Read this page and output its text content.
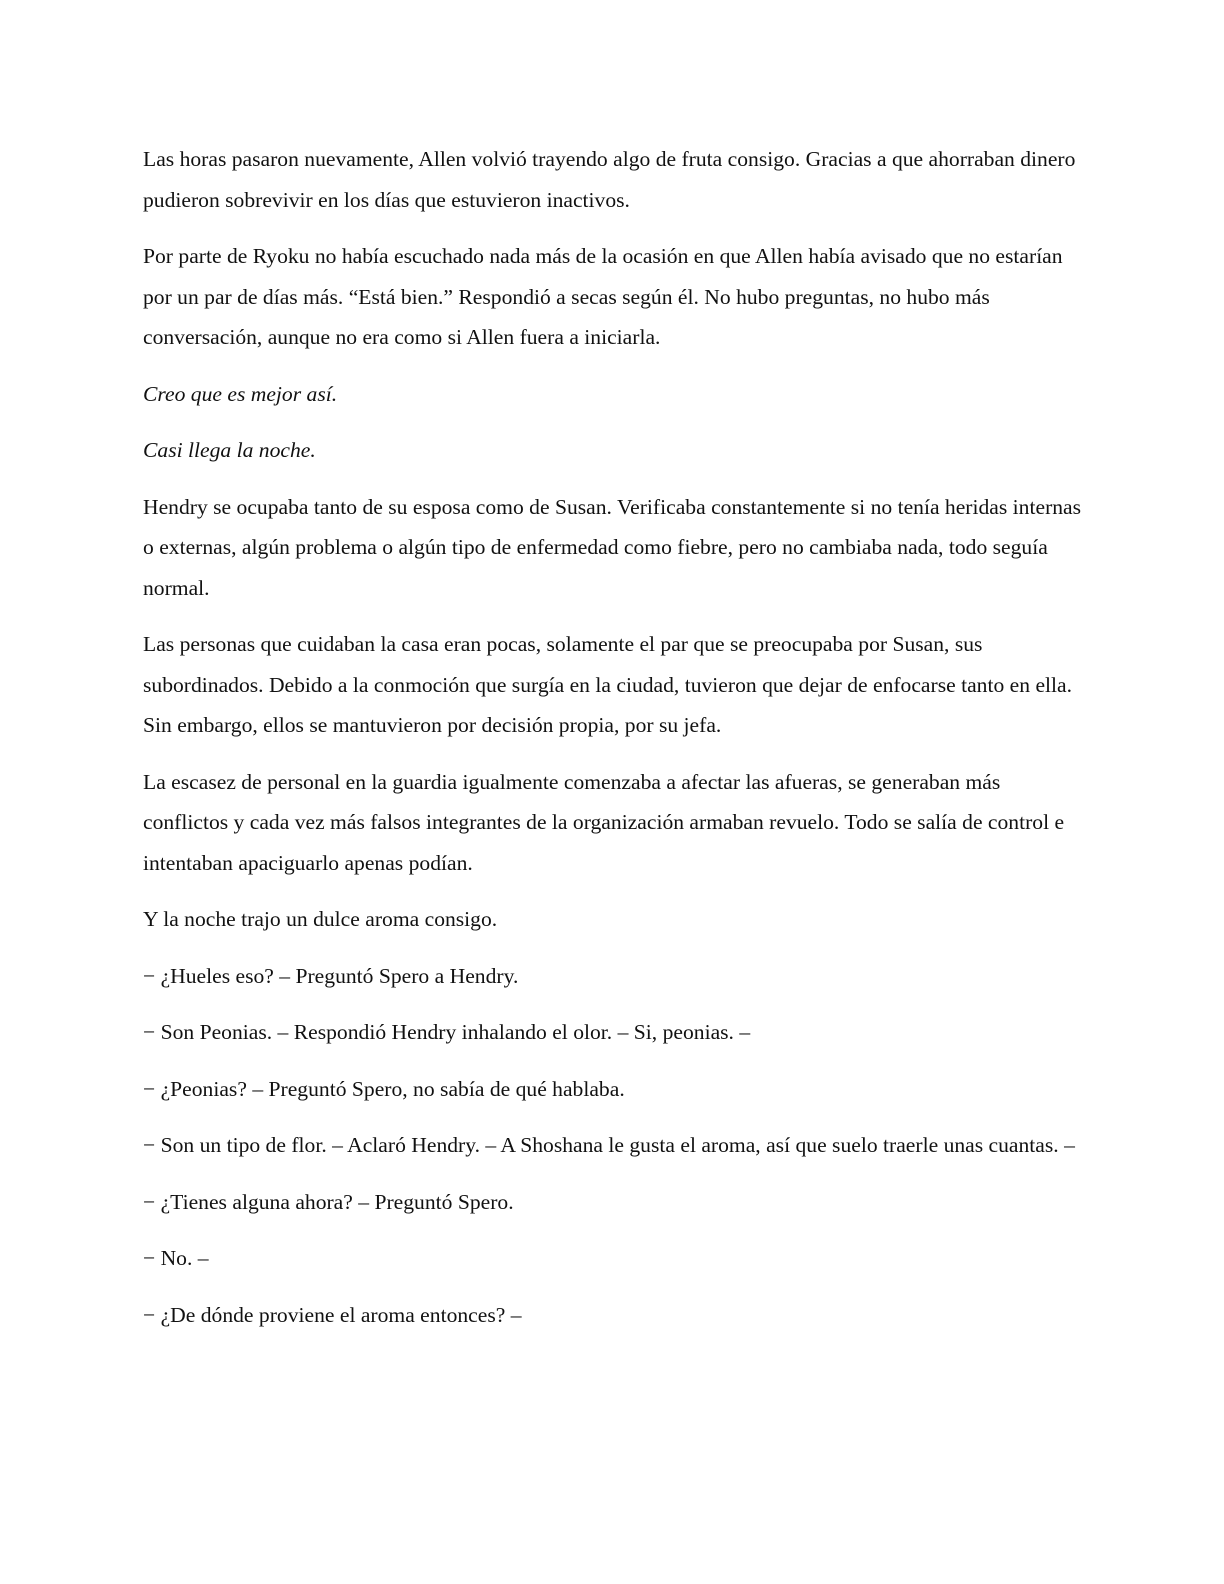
Las horas pasaron nuevamente, Allen volvió trayendo algo de fruta consigo. Gracias a que ahorraban dinero pudieron sobrevivir en los días que estuvieron inactivos.

Por parte de Ryoku no había escuchado nada más de la ocasión en que Allen había avisado que no estarían por un par de días más. “Está bien.” Respondió a secas según él. No hubo preguntas, no hubo más conversación, aunque no era como si Allen fuera a iniciarla.

Creo que es mejor así.

Casi llega la noche.

Hendry se ocupaba tanto de su esposa como de Susan. Verificaba constantemente si no tenía heridas internas o externas, algún problema o algún tipo de enfermedad como fiebre, pero no cambiaba nada, todo seguía normal.

Las personas que cuidaban la casa eran pocas, solamente el par que se preocupaba por Susan, sus subordinados. Debido a la conmoción que surgía en la ciudad, tuvieron que dejar de enfocarse tanto en ella. Sin embargo, ellos se mantuvieron por decisión propia, por su jefa.

La escasez de personal en la guardia igualmente comenzaba a afectar las afueras, se generaban más conflictos y cada vez más falsos integrantes de la organización armaban revuelo. Todo se salía de control e intentaban apaciguarlo apenas podían.

Y la noche trajo un dulce aroma consigo.

− ¿Hueles eso? – Preguntó Spero a Hendry.

− Son Peonias. – Respondió Hendry inhalando el olor. – Si, peonias. –

− ¿Peonias? – Preguntó Spero, no sabía de qué hablaba.

− Son un tipo de flor. – Aclaró Hendry. – A Shoshana le gusta el aroma, así que suelo traerle unas cuantas. –

− ¿Tienes alguna ahora? – Preguntó Spero.

− No. –

− ¿De dónde proviene el aroma entonces? –
